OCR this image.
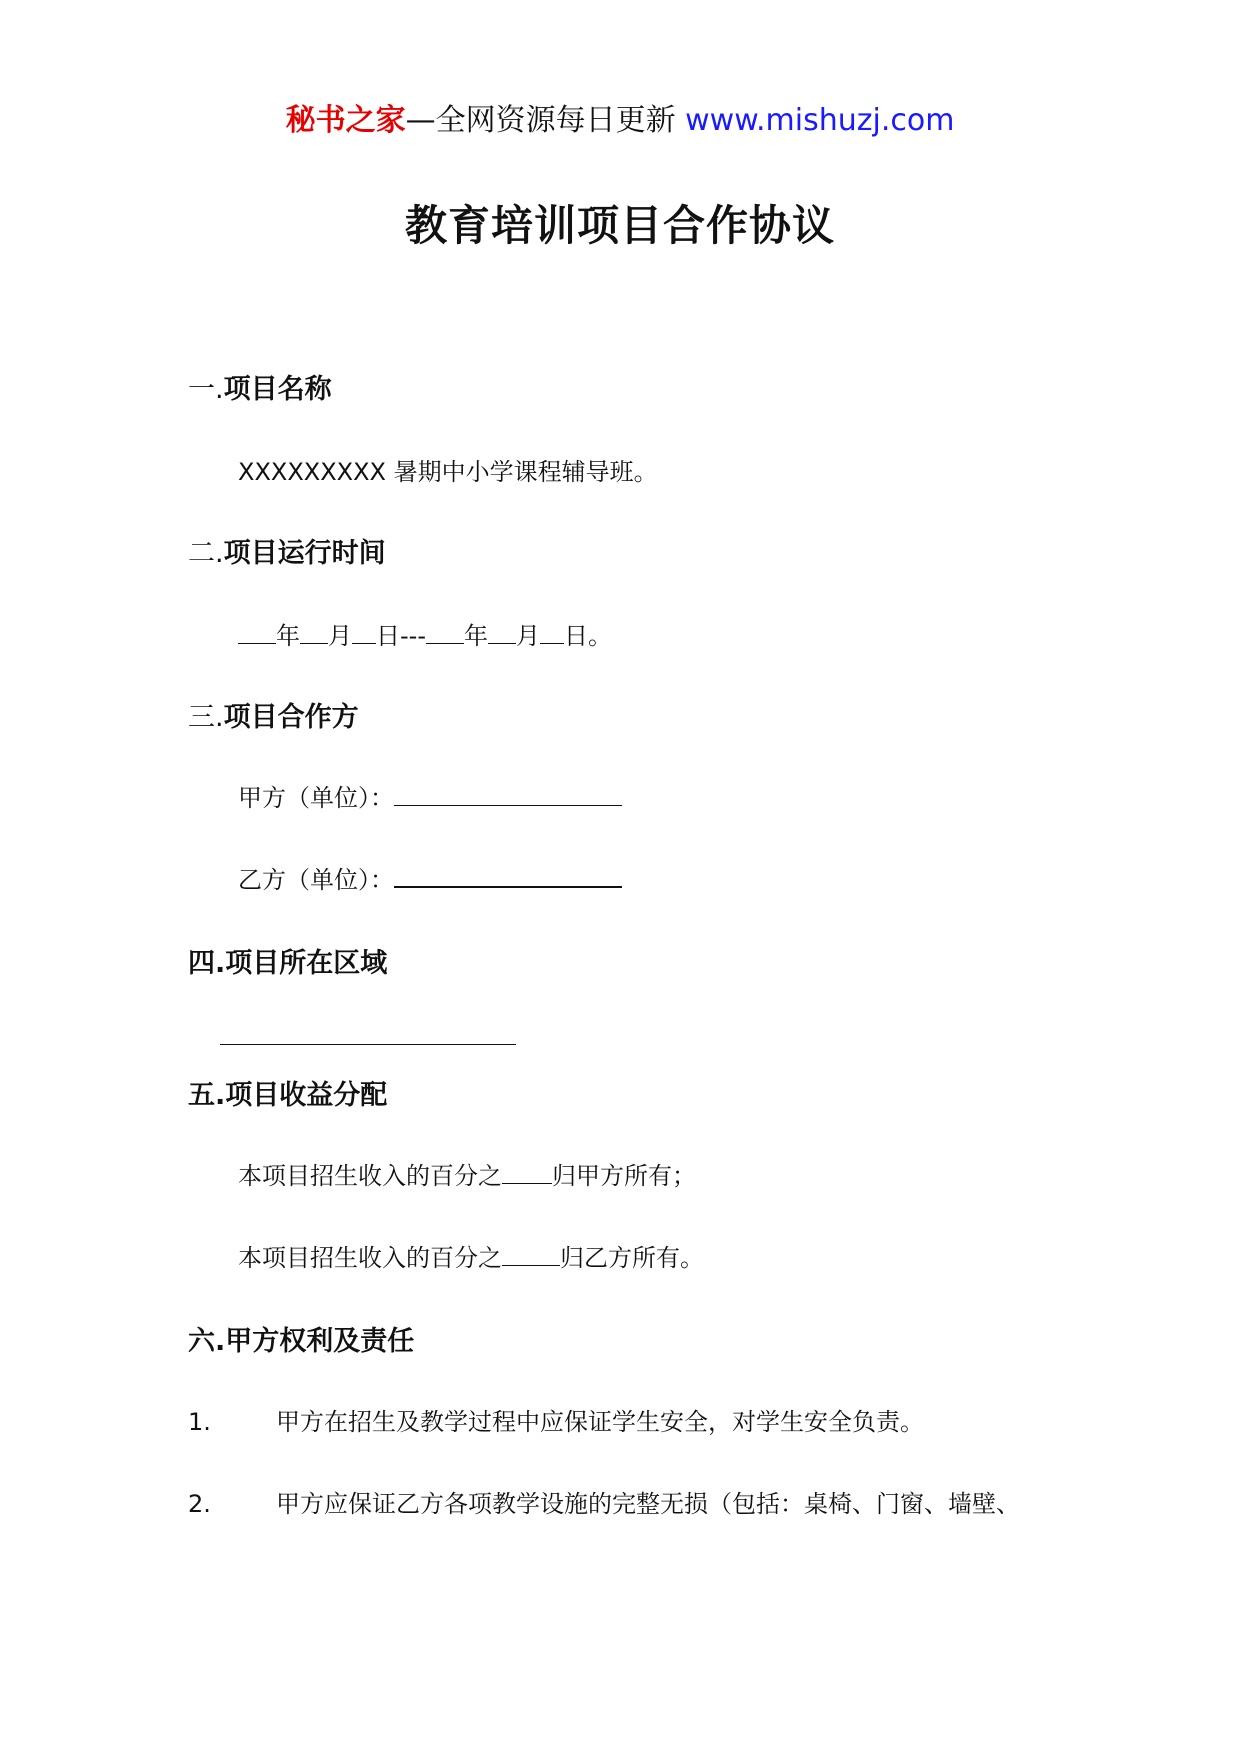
秘书之家—全网资源每日更新 www.mishuzj.com
教育培训项目合作协议
一.项目名称
XXXXXXXXX 暑期中小学课程辅导班。
二.项目运行时间
年 月 日--- 年 月 日。
三.项目合作方
甲方（单位）：
乙方（单位）：
四.项目所在区域
五.项目收益分配
本项目招生收入的百分之 归甲方所有；
本项目招生收入的百分之 归乙方所有。
六.甲方权利及责任
1.	甲方在招生及教学过程中应保证学生安全，对学生安全负责。
2.	甲方应保证乙方各项教学设施的完整无损（包括：桌椅、门窗、墙壁、
